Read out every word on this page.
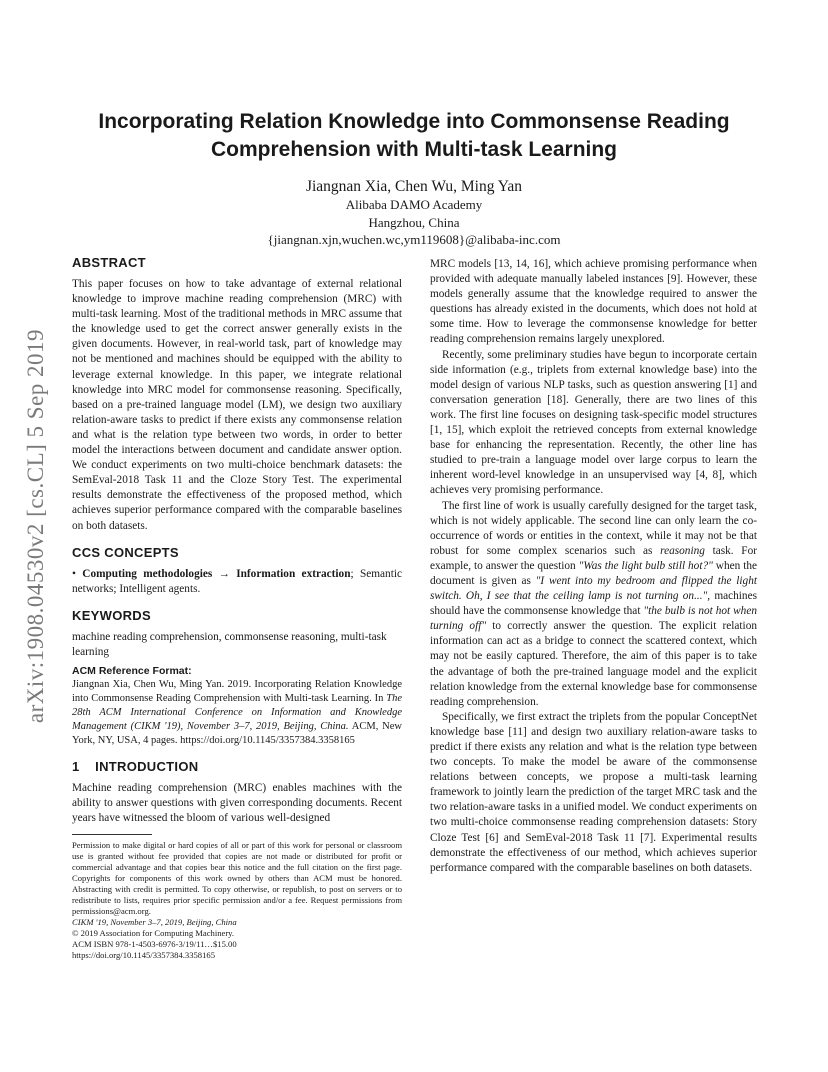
arXiv:1908.04530v2 [cs.CL] 5 Sep 2019
Incorporating Relation Knowledge into Commonsense Reading Comprehension with Multi-task Learning
Jiangnan Xia, Chen Wu, Ming Yan
Alibaba DAMO Academy
Hangzhou, China
{jiangnan.xjn,wuchen.wc,ym119608}@alibaba-inc.com
ABSTRACT

This paper focuses on how to take advantage of external relational knowledge to improve machine reading comprehension (MRC) with multi-task learning. Most of the traditional methods in MRC assume that the knowledge used to get the correct answer generally exists in the given documents. However, in real-world task, part of knowledge may not be mentioned and machines should be equipped with the ability to leverage external knowledge. In this paper, we integrate relational knowledge into MRC model for commonsense reasoning. Specifically, based on a pre-trained language model (LM), we design two auxiliary relation-aware tasks to predict if there exists any commonsense relation and what is the relation type between two words, in order to better model the interactions between document and candidate answer option. We conduct experiments on two multi-choice benchmark datasets: the SemEval-2018 Task 11 and the Cloze Story Test. The experimental results demonstrate the effectiveness of the proposed method, which achieves superior performance compared with the comparable baselines on both datasets.

CCS CONCEPTS

• Computing methodologies → Information extraction; Semantic networks; Intelligent agents.

KEYWORDS

machine reading comprehension, commonsense reasoning, multi-task learning

ACM Reference Format:

Jiangnan Xia, Chen Wu, Ming Yan. 2019. Incorporating Relation Knowledge into Commonsense Reading Comprehension with Multi-task Learning. In The 28th ACM International Conference on Information and Knowledge Management (CIKM '19), November 3–7, 2019, Beijing, China. ACM, New York, NY, USA, 4 pages. https://doi.org/10.1145/3357384.3358165

1    INTRODUCTION

Machine reading comprehension (MRC) enables machines with the ability to answer questions with given corresponding documents. Recent years have witnessed the bloom of various well-designed

Permission to make digital or hard copies of all or part of this work for personal or classroom use is granted without fee provided that copies are not made or distributed for profit or commercial advantage and that copies bear this notice and the full citation on the first page. Copyrights for components of this work owned by others than ACM must be honored. Abstracting with credit is permitted. To copy otherwise, or republish, to post on servers or to redistribute to lists, requires prior specific permission and/or a fee. Request permissions from permissions@acm.org.

CIKM '19, November 3–7, 2019, Beijing, China

© 2019 Association for Computing Machinery.

ACM ISBN 978-1-4503-6976-3/19/11…$15.00

https://doi.org/10.1145/3357384.3358165

MRC models [13, 14, 16], which achieve promising performance when provided with adequate manually labeled instances [9]. However, these models generally assume that the knowledge required to answer the questions has already existed in the documents, which does not hold at some time. How to leverage the commonsense knowledge for better reading comprehension remains largely unexplored.

Recently, some preliminary studies have begun to incorporate certain side information (e.g., triplets from external knowledge base) into the model design of various NLP tasks, such as question answering [1] and conversation generation [18]. Generally, there are two lines of this work. The first line focuses on designing task-specific model structures [1, 15], which exploit the retrieved concepts from external knowledge base for enhancing the representation. Recently, the other line has studied to pre-train a language model over large corpus to learn the inherent word-level knowledge in an unsupervised way [4, 8], which achieves very promising performance.

The first line of work is usually carefully designed for the target task, which is not widely applicable. The second line can only learn the co-occurrence of words or entities in the context, while it may not be that robust for some complex scenarios such as reasoning task. For example, to answer the question "Was the light bulb still hot?" when the document is given as "I went into my bedroom and flipped the light switch. Oh, I see that the ceiling lamp is not turning on...", machines should have the commonsense knowledge that "the bulb is not hot when turning off" to correctly answer the question. The explicit relation information can act as a bridge to connect the scattered context, which may not be easily captured. Therefore, the aim of this paper is to take the advantage of both the pre-trained language model and the explicit relation knowledge from the external knowledge base for commonsense reading comprehension.

Specifically, we first extract the triplets from the popular ConceptNet knowledge base [11] and design two auxiliary relation-aware tasks to predict if there exists any relation and what is the relation type between two concepts. To make the model be aware of the commonsense relations between concepts, we propose a multi-task learning framework to jointly learn the prediction of the target MRC task and the two relation-aware tasks in a unified model. We conduct experiments on two multi-choice commonsense reading comprehension datasets: Story Cloze Test [6] and SemEval-2018 Task 11 [7]. Experimental results demonstrate the effectiveness of our method, which achieves superior performance compared with the comparable baselines on both datasets.
